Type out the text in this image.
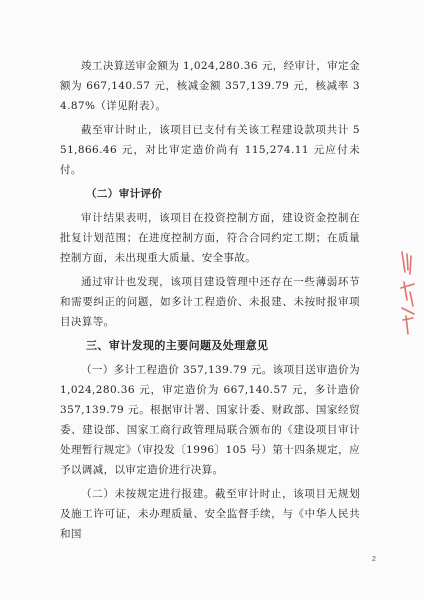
竣工决算送审金额为 1,024,280.36 元，经审计，审定金额为 667,140.57 元，核减金额 357,139.79 元，核减率 34.87%（详见附表）。

截至审计时止，该项目已支付有关该工程建设款项共计 551,866.46 元，对比审定造价尚有 115,274.11 元应付未付。

（二）审计评价

审计结果表明，该项目在投资控制方面，建设资金控制在批复计划范围；在进度控制方面，符合合同约定工期；在质量控制方面，未出现重大质量、安全事故。

通过审计也发现，该项目建设管理中还存在一些薄弱环节和需要纠正的问题，如多计工程造价、未报建、未按时报审项目决算等。

三、审计发现的主要问题及处理意见

（一）多计工程造价 357,139.79 元。该项目送审造价为 1,024,280.36 元，审定造价为 667,140.57 元，多计造价 357,139.79 元。根据审计署、国家计委、财政部、国家经贸委、建设部、国家工商行政管理局联合颁布的《建设项目审计处理暂行规定》（审投发〔1996〕105 号）第十四条规定，应予以调减，以审定造价进行决算。

（二）未按规定进行报建。截至审计时止，该项目无规划及施工许可证，未办理质量、安全监督手续，与《中华人民共和国

2
